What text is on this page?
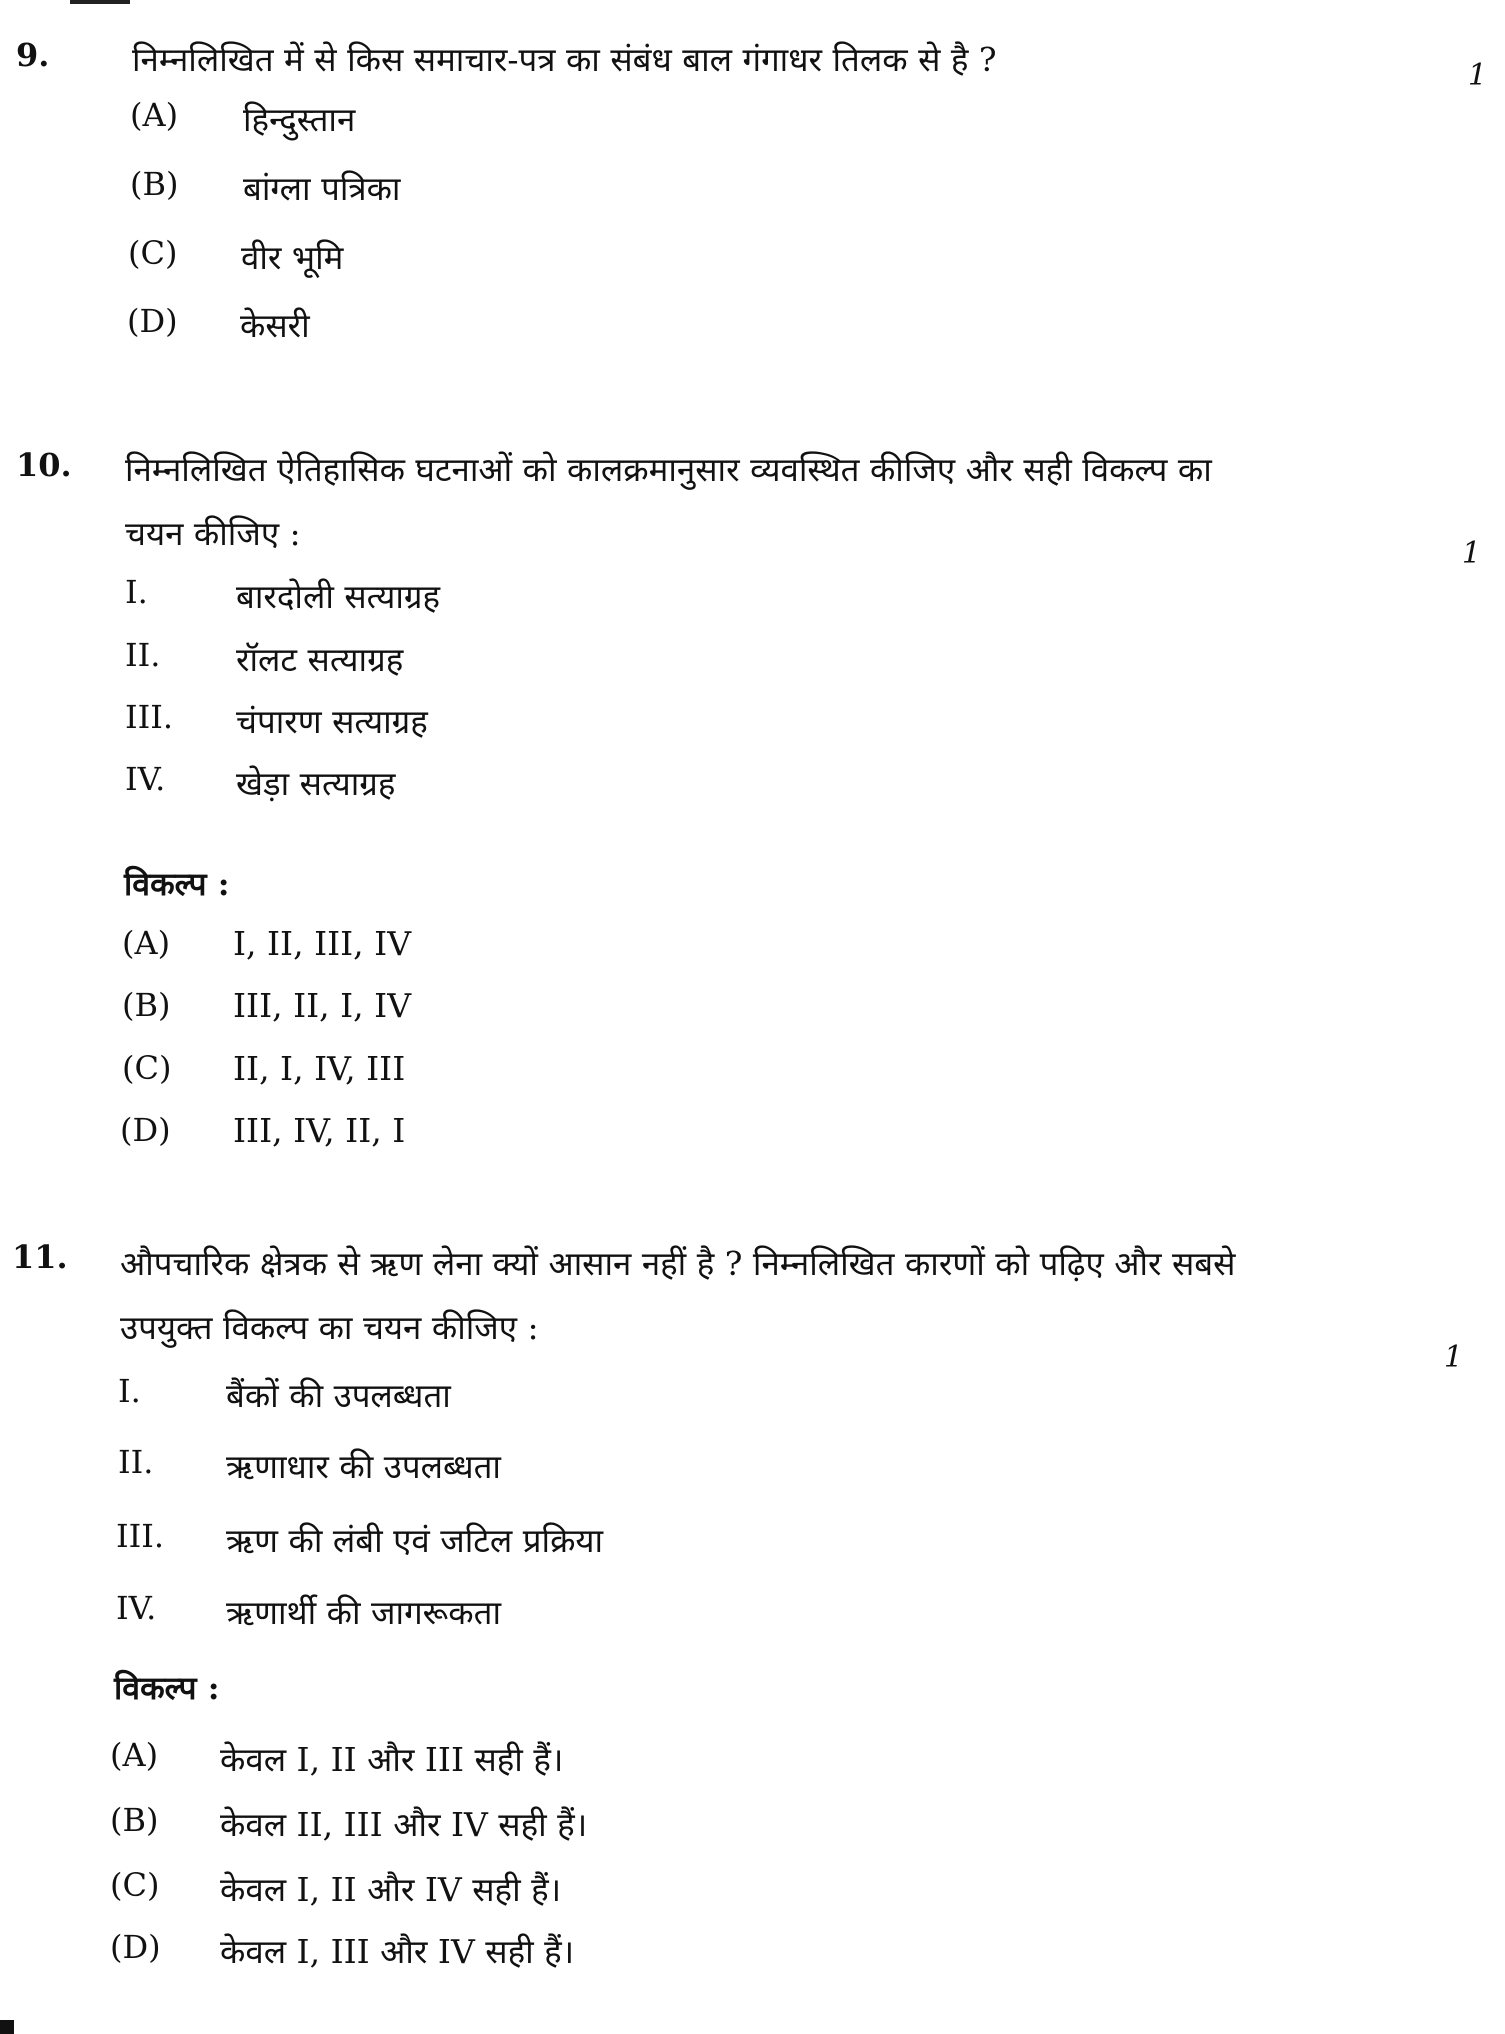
9.	निम्नलिखित में से किस समाचार-पत्र का संबंध बाल गंगाधर तिलक से है ?	1
(A) हिन्दुस्तान
(B) बांग्ला पत्रिका
(C) वीर भूमि
(D) केसरी
10. निम्नलिखित ऐतिहासिक घटनाओं को कालक्रमानुसार व्यवस्थित कीजिए और सही विकल्प का
चयन कीजिए :
1
I.	बारदोली सत्याग्रह
II. रॉलट सत्याग्रह
III. चंपारण सत्याग्रह
IV. खेड़ा सत्याग्रह
विकल्प :
(A) I, II, III, IV
(B) III, II, I, IV
(C) II, I, IV, III
(D) III, IV, II, I
11. औपचारिक क्षेत्रक से ऋण लेना क्यों आसान नहीं है ? निम्नलिखित कारणों को पढ़िए और सबसे
उपयुक्त विकल्प का चयन कीजिए :
1
I.	बैंकों की उपलब्धता
II. ऋणाधार की उपलब्धता
III. ऋण की लंबी एवं जटिल प्रक्रिया
IV. ऋणार्थी की जागरूकता
विकल्प :
(A) केवल I, II और III सही हैं।
(B) केवल II, III और IV सही हैं।
(C) केवल I, II और IV सही हैं।
(D) केवल I, III और IV सही हैं।
